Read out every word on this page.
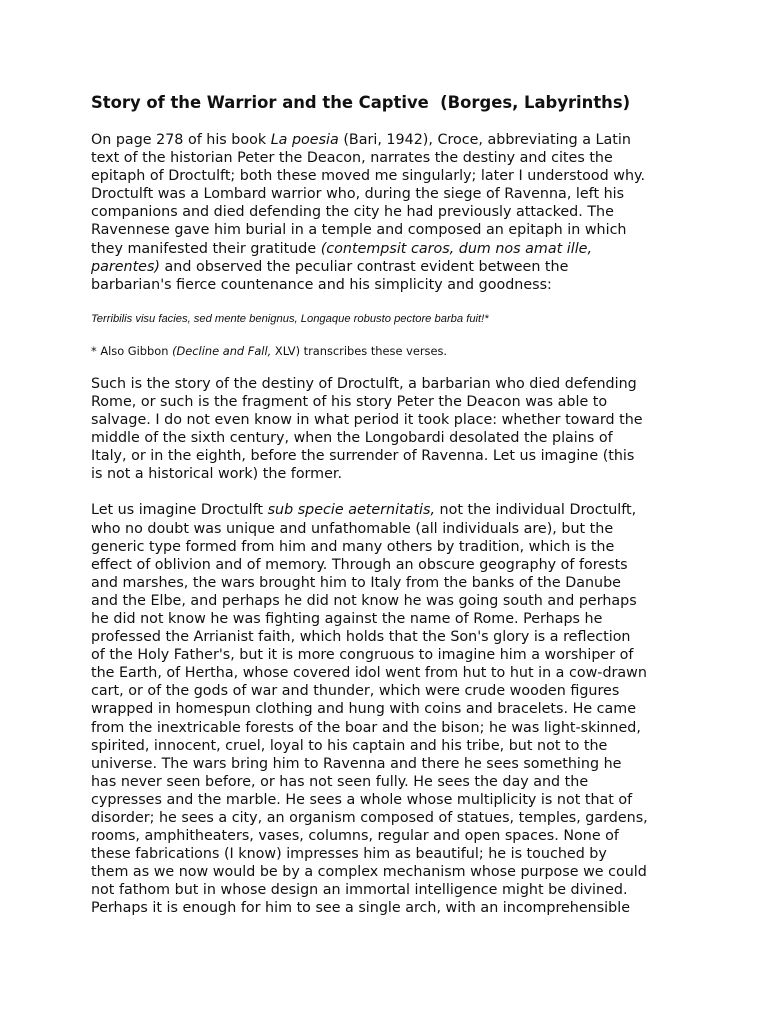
Story of the Warrior and the Captive  (Borges, Labyrinths)

On page 278 of his book La poesia (Bari, 1942), Croce, abbreviating a Latin
text of the historian Peter the Deacon, narrates the destiny and cites the
epitaph of Droctulft; both these moved me singularly; later I understood why.
Droctulft was a Lombard warrior who, during the siege of Ravenna, left his
companions and died defending the city he had previously attacked. The
Ravennese gave him burial in a temple and composed an epitaph in which
they manifested their gratitude (contempsit caros, dum nos amat ille,
parentes) and observed the peculiar contrast evident between the
barbarian's fierce countenance and his simplicity and goodness:

Terribilis visu facies, sed mente benignus, Longaque robusto pectore barba fuit!*

* Also Gibbon (Decline and Fall, XLV) transcribes these verses.

Such is the story of the destiny of Droctulft, a barbarian who died defending
Rome, or such is the fragment of his story Peter the Deacon was able to
salvage. I do not even know in what period it took place: whether toward the
middle of the sixth century, when the Longobardi desolated the plains of
Italy, or in the eighth, before the surrender of Ravenna. Let us imagine (this
is not a historical work) the former.

Let us imagine Droctulft sub specie aeternitatis, not the individual Droctulft,
who no doubt was unique and unfathomable (all individuals are), but the
generic type formed from him and many others by tradition, which is the
effect of oblivion and of memory. Through an obscure geography of forests
and marshes, the wars brought him to Italy from the banks of the Danube
and the Elbe, and perhaps he did not know he was going south and perhaps
he did not know he was fighting against the name of Rome. Perhaps he
professed the Arrianist faith, which holds that the Son's glory is a reflection
of the Holy Father's, but it is more congruous to imagine him a worshiper of
the Earth, of Hertha, whose covered idol went from hut to hut in a cow-drawn
cart, or of the gods of war and thunder, which were crude wooden figures
wrapped in homespun clothing and hung with coins and bracelets. He came
from the inextricable forests of the boar and the bison; he was light-skinned,
spirited, innocent, cruel, loyal to his captain and his tribe, but not to the
universe. The wars bring him to Ravenna and there he sees something he
has never seen before, or has not seen fully. He sees the day and the
cypresses and the marble. He sees a whole whose multiplicity is not that of
disorder; he sees a city, an organism composed of statues, temples, gardens,
rooms, amphitheaters, vases, columns, regular and open spaces. None of
these fabrications (I know) impresses him as beautiful; he is touched by
them as we now would be by a complex mechanism whose purpose we could
not fathom but in whose design an immortal intelligence might be divined.
Perhaps it is enough for him to see a single arch, with an incomprehensible
